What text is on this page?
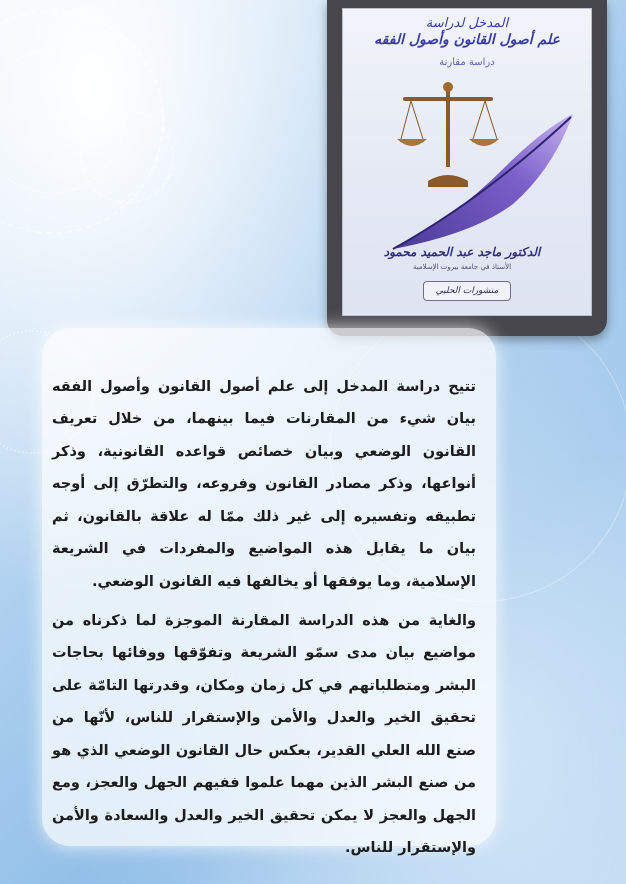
المدخل لدراسة
علم أصول القانون وأصول الفقه
دراسة مقارنة
الدكتور ماجد عبد الحميد محمود
الأستاذ في جامعة بيروت الإسلامية
منشورات الحلبي

تتيح دراسة المدخل إلى علم أصول القانون وأصول الفقه بيان شيء من المقارنات فيما بينهما، من خلال تعريف القانون الوضعي وبيان خصائص قواعده القانونية، وذكر أنواعها، وذكر مصادر القانون وفروعه، والتطرّق إلى أوجه تطبيقه وتفسيره إلى غير ذلك ممّا له علاقة بالقانون، ثم بيان ما يقابل هذه المواضيع والمفردات في الشريعة الإسلامية، وما يوفقها أو يخالفها فيه القانون الوضعي.

والغاية من هذه الدراسة المقارنة الموجزة لما ذكرناه من مواضيع بيان مدى سمّو الشريعة وتفوّقها ووفائها بحاجات البشر ومتطلباتهم في كل زمان ومكان، وقدرتها التامّة على تحقيق الخير والعدل والأمن والإستقرار للناس، لأنّها من صنع الله العلي القدير، بعكس حال القانون الوضعي الذي هو من صنع البشر الذين مهما علموا ففيهم الجهل والعجز، ومع الجهل والعجز لا يمكن تحقيق الخير والعدل والسعادة والأمن والإستقرار للناس.
